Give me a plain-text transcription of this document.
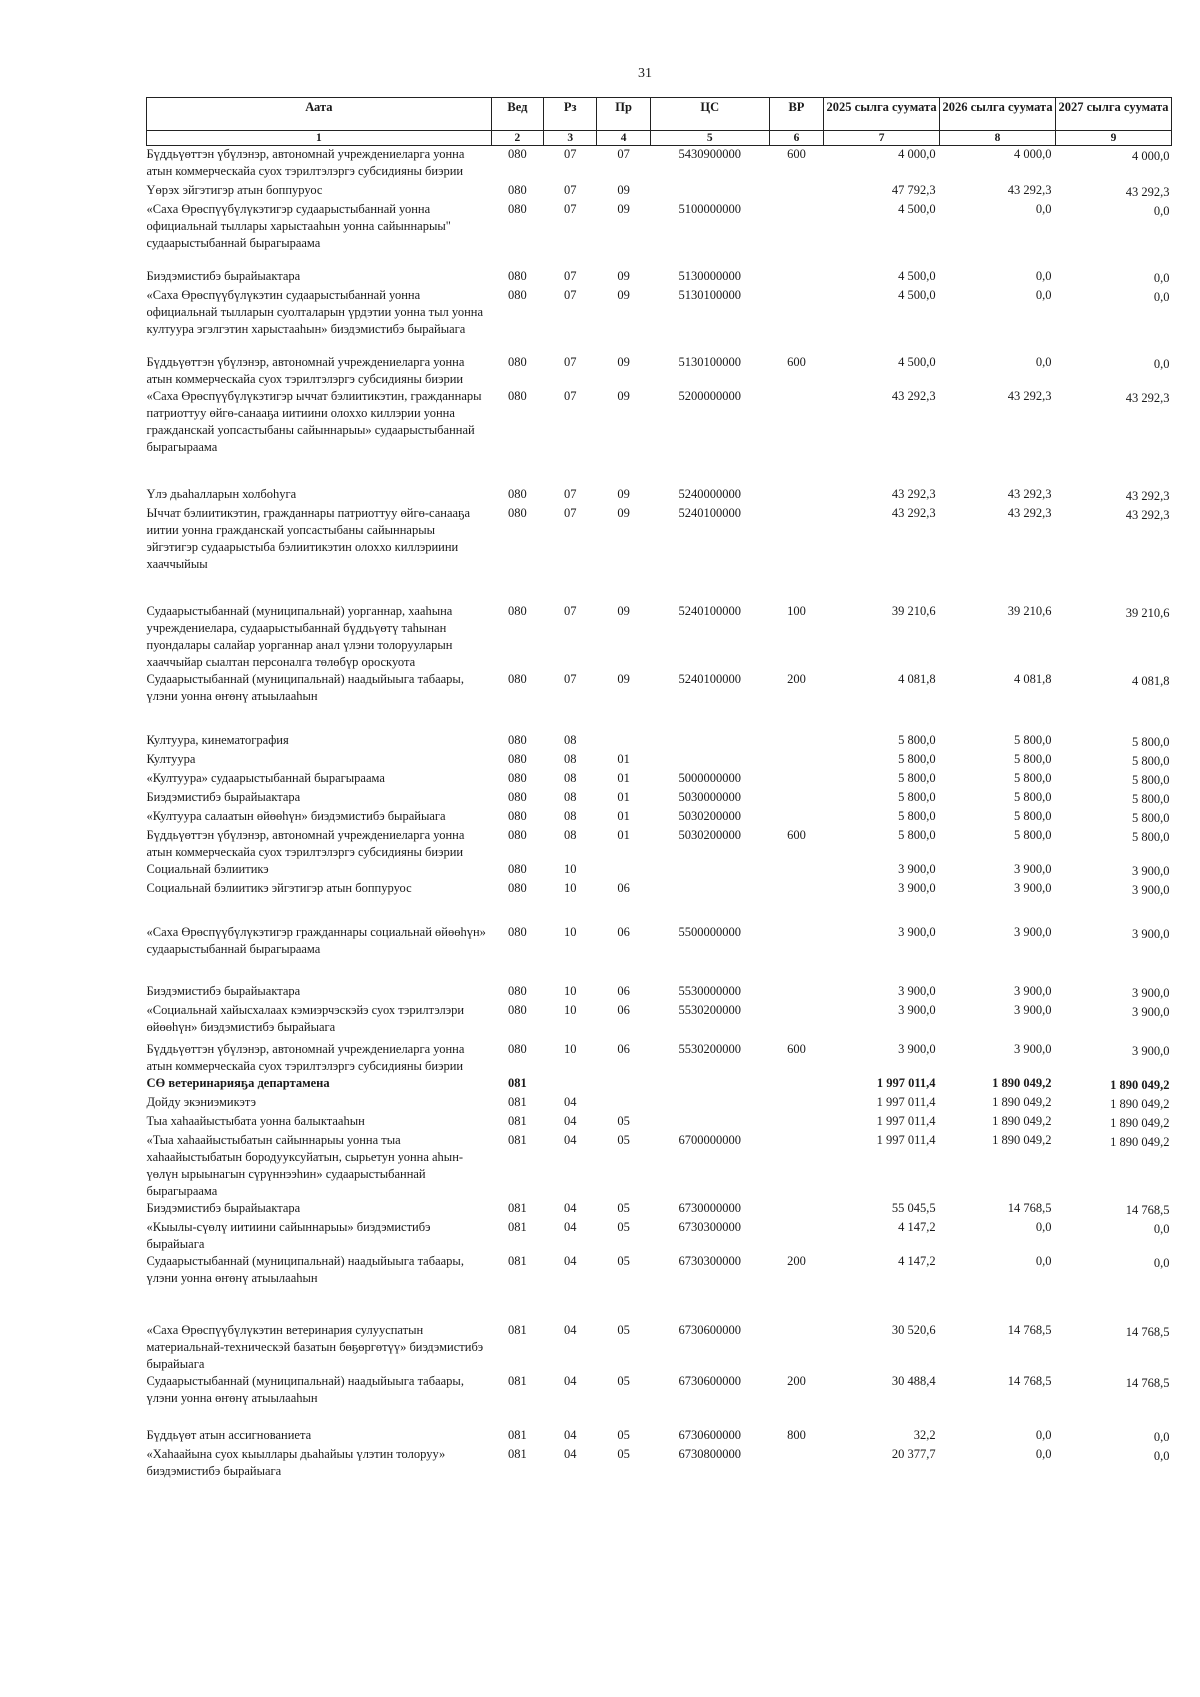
31
Аата	Вед	Рз	Пр	ЦС	ВР	2025 сылга суумата	2026 сылга суумата	2027 сылга суумата
1	2	3	4	5	6	7	8	9
Бүддьүөттэн үбүлэнэр, автономнай учреждениеларга уонна атын коммерческайа суох тэрилтэлэргэ субсидияны биэрии	080	07	07	5430900000	600	4 000,0	4 000,0	4 000,0
Үөрэх эйгэтигэр атын боппуруос	080	07	09			47 792,3	43 292,3	43 292,3
«Саха Өрөспүүбүлүкэтигэр судаарыстыбаннай уонна официальнай тыллары харыстааһын уонна сайыннарыы" судаарыстыбаннай бырагыраама	080	07	09	5100000000		4 500,0	0,0	0,0
Биэдэмистибэ бырайыактара	080	07	09	5130000000		4 500,0	0,0	0,0
«Саха Өрөспүүбүлүкэтин судаарыстыбаннай уонна официальнай тылларын суолталарын үрдэтии уонна тыл уонна култуура эгэлгэтин харыстааһын» биэдэмистибэ бырайыага	080	07	09	5130100000		4 500,0	0,0	0,0
Бүддьүөттэн үбүлэнэр, автономнай учреждениеларга уонна атын коммерческайа суох тэрилтэлэргэ субсидияны биэрии	080	07	09	5130100000	600	4 500,0	0,0	0,0
«Саха Өрөспүүбүлүкэтигэр ыччат бэлиитикэтин, гражданнары патриоттуу өйгө-санааҕа иитиини олоххо киллэрии уонна гражданскай уопсастыбаны сайыннарыы» судаарыстыбаннай бырагыраама	080	07	09	5200000000		43 292,3	43 292,3	43 292,3
Үлэ дьаһалларын холбоһуга	080	07	09	5240000000		43 292,3	43 292,3	43 292,3
Ыччат бэлиитикэтин, гражданнары патриоттуу өйгө-санааҕа иитии уонна гражданскай уопсастыбаны сайыннарыы эйгэтигэр судаарыстыба бэлиитикэтин олоххо киллэриини хааччыйыы	080	07	09	5240100000		43 292,3	43 292,3	43 292,3
Судаарыстыбаннай (муниципальнай) уорганнар, хааһына учреждениелара, судаарыстыбаннай бүддьүөтү таһынан пуондалары салайар уорганнар анал үлэни толорууларын хааччыйар сыалтан персоналга төлөбүр ороскуота	080	07	09	5240100000	100	39 210,6	39 210,6	39 210,6
Судаарыстыбаннай (муниципальнай) наадыйыыга табаары, үлэни уонна өҥөнү атыылааһын	080	07	09	5240100000	200	4 081,8	4 081,8	4 081,8
Култуура, кинематография	080	08				5 800,0	5 800,0	5 800,0
Култуура	080	08	01			5 800,0	5 800,0	5 800,0
«Култуура» судаарыстыбаннай бырагыраама	080	08	01	5000000000		5 800,0	5 800,0	5 800,0
Биэдэмистибэ бырайыактара	080	08	01	5030000000		5 800,0	5 800,0	5 800,0
«Култуура салаатын өйөөһүн» биэдэмистибэ бырайыага	080	08	01	5030200000		5 800,0	5 800,0	5 800,0
Бүддьүөттэн үбүлэнэр, автономнай учреждениеларга уонна атын коммерческайа суох тэрилтэлэргэ субсидияны биэрии	080	08	01	5030200000	600	5 800,0	5 800,0	5 800,0
Социальнай бэлиитикэ	080	10				3 900,0	3 900,0	3 900,0
Социальнай бэлиитикэ эйгэтигэр атын боппуруос	080	10	06			3 900,0	3 900,0	3 900,0
«Саха Өрөспүүбүлүкэтигэр гражданнары социальнай өйөөһүн» судаарыстыбаннай бырагыраама	080	10	06	5500000000		3 900,0	3 900,0	3 900,0
Биэдэмистибэ бырайыактара	080	10	06	5530000000		3 900,0	3 900,0	3 900,0
«Социальнай хайысхалаах кэмиэрчэскэйэ суох тэрилтэлэри өйөөһүн» биэдэмистибэ бырайыага	080	10	06	5530200000		3 900,0	3 900,0	3 900,0
Бүддьүөттэн үбүлэнэр, автономнай учреждениеларга уонна атын коммерческайа суох тэрилтэлэргэ субсидияны биэрии	080	10	06	5530200000	600	3 900,0	3 900,0	3 900,0
СӨ ветеринарияҕа департамена	081					1 997 011,4	1 890 049,2	1 890 049,2
Дойду экэниэмикэтэ	081	04				1 997 011,4	1 890 049,2	1 890 049,2
Тыа хаһаайыстыбата уонна балыктааһын	081	04	05			1 997 011,4	1 890 049,2	1 890 049,2
«Тыа хаһаайыстыбатын сайыннарыы уонна тыа хаһаайыстыбатын бородууксуйатын, сырьетун уонна аһын-үөлүн ырыынагын сүрүннээһин» судаарыстыбаннай бырагыраама	081	04	05	6700000000		1 997 011,4	1 890 049,2	1 890 049,2
Биэдэмистибэ бырайыактара	081	04	05	6730000000		55 045,5	14 768,5	14 768,5
«Кыылы-сүөлү иитиини сайыннарыы» биэдэмистибэ бырайыага	081	04	05	6730300000		4 147,2	0,0	0,0
Судаарыстыбаннай (муниципальнай) наадыйыыга табаары, үлэни уонна өҥөнү атыылааһын	081	04	05	6730300000	200	4 147,2	0,0	0,0
«Саха Өрөспүүбүлүкэтин ветеринария сулууспатын материальнай-техническэй базатын бөҕөргөтүү» биэдэмистибэ бырайыага	081	04	05	6730600000		30 520,6	14 768,5	14 768,5
Судаарыстыбаннай (муниципальнай) наадыйыыга табаары, үлэни уонна өҥөнү атыылааһын	081	04	05	6730600000	200	30 488,4	14 768,5	14 768,5
Бүддьүөт атын ассигнованиета	081	04	05	6730600000	800	32,2	0,0	0,0
«Хаһаайына суох кыыллары дьаһайыы үлэтин толоруу» биэдэмистибэ бырайыага	081	04	05	6730800000		20 377,7	0,0	0,0
